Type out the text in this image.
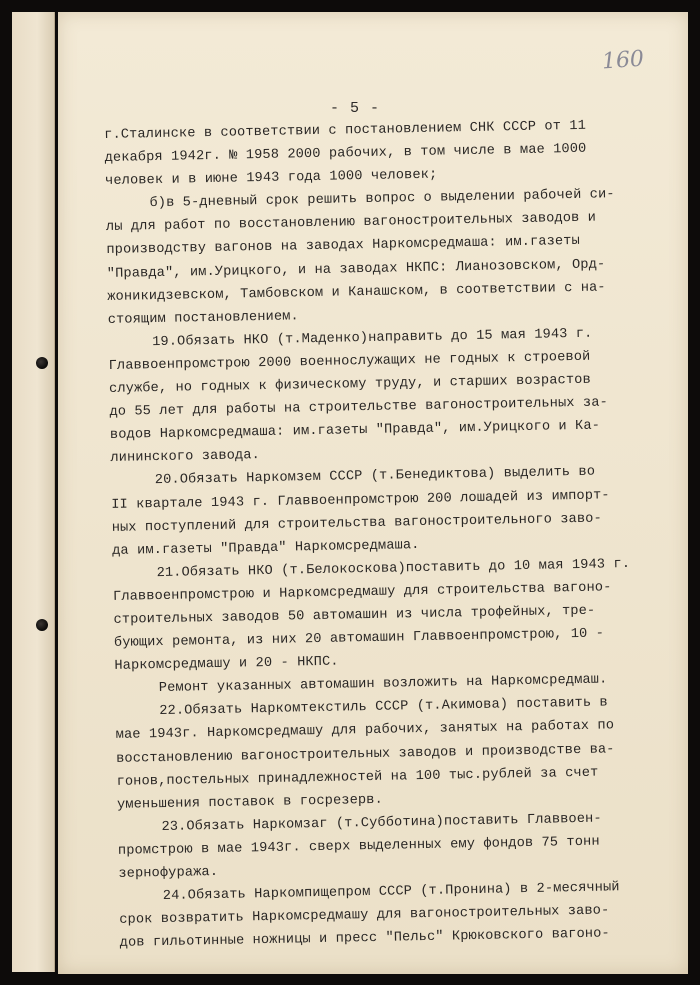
160
- 5 -
г.Сталинске в соответствии с постановлением СНК СССР от 11
декабря 1942г. № 1958 2000 рабочих, в том числе в мае 1000
человек и в июне 1943 года 1000 человек;
б)в 5-дневный срок решить вопрос о выделении рабочей си-
лы для работ по восстановлению вагоностроительных заводов и
производству вагонов на заводах Наркомсредмаша: им.газеты
"Правда", им.Урицкого, и на заводах НКПС: Лианозовском, Орд-
жоникидзевском, Тамбовском и Канашском, в соответствии с на-
стоящим постановлением.
19.Обязать НКО (т.Маденко)направить до 15 мая 1943 г.
Главвоенпромстрою 2000 военнослужащих не годных к строевой
службе, но годных к физическому труду, и старших возрастов
до 55 лет для работы на строительстве вагоностроительных за-
водов Наркомсредмаша: им.газеты "Правда", им.Урицкого и Ка-
лининского завода.
20.Обязать Наркомзем СССР (т.Бенедиктова) выделить во
II квартале 1943 г. Главвоенпромстрою 200 лошадей из импорт-
ных поступлений для строительства вагоностроительного заво-
да им.газеты "Правда" Наркомсредмаша.
21.Обязать НКО (т.Белокоскова)поставить до 10 мая 1943 г.
Главвоенпромстрою и Наркомсредмашу для строительства вагоно-
строительных заводов 50 автомашин из числа трофейных, тре-
бующих ремонта, из них 20 автомашин Главвоенпромстрою, 10 -
Наркомсредмашу и 20 - НКПС.
Ремонт указанных автомашин возложить на Наркомсредмаш.
22.Обязать Наркомтекстиль СССР (т.Акимова) поставить в
мае 1943г. Наркомсредмашу для рабочих, занятых на работах по
восстановлению вагоностроительных заводов и производстве ва-
гонов,постельных принадлежностей на 100 тыс.рублей за счет
уменьшения поставок в госрезерв.
23.Обязать Наркомзаг (т.Субботина)поставить Главвоен-
промстрою в мае 1943г. сверх выделенных ему фондов 75 тонн
зернофуража.
24.Обязать Наркомпищепром СССР (т.Пронина) в 2-месячный
срок возвратить Наркомсредмашу для вагоностроительных заво-
дов гильотинные ножницы и пресс "Пельс" Крюковского вагоно-
